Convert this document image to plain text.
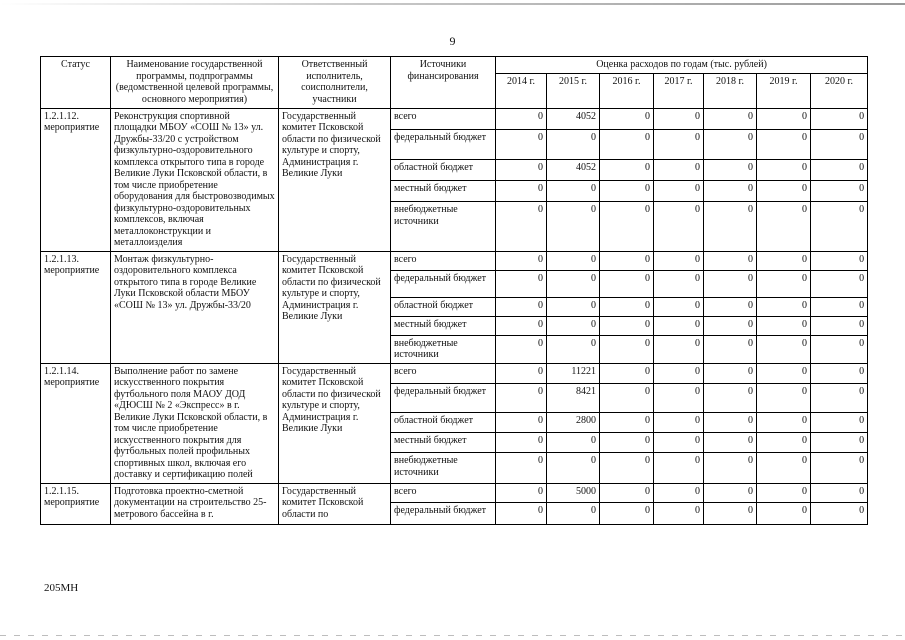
9
Статус	Наименование государственной программы, подпрограммы (ведомственной целевой программы, основного мероприятия)	Ответственный исполнитель, соисполнители, участники	Источники финансирования	Оценка расходов по годам (тыс. рублей)						
				2014 г.	2015 г.	2016 г.	2017 г.	2018 г.	2019 г.	2020 г.

1.2.1.12.
мероприятие	Реконструкция спортивной площадки МБОУ «СОШ № 13» ул. Дружбы-33/20 с устройством физкультурно-оздоровительного комплекса открытого типа в городе Великие Луки Псковской области, в том числе приобретение оборудования для быстровозводимых физкультурно-оздоровительных комплексов, включая металлоконструкции и металлоизделия	Государственный комитет Псковской области по физической культуре и спорту, Администрация г. Великие Луки	всего	0	4052	0	0	0	0	0
			федеральный бюджет	0	0	0	0	0	0	0
			областной бюджет	0	4052	0	0	0	0	0
			местный бюджет	0	0	0	0	0	0	0
			внебюджетные источники	0	0	0	0	0	0	0

1.2.1.13.
мероприятие	Монтаж физкультурно-оздоровительного комплекса открытого типа в городе Великие Луки Псковской области МБОУ «СОШ № 13» ул. Дружбы-33/20	Государственный комитет Псковской области по физической культуре и спорту, Администрация г. Великие Луки	всего	0	0	0	0	0	0	0
			федеральный бюджет	0	0	0	0	0	0	0
			областной бюджет	0	0	0	0	0	0	0
			местный бюджет	0	0	0	0	0	0	0
			внебюджетные источники	0	0	0	0	0	0	0

1.2.1.14.
мероприятие	Выполнение работ по замене искусственного покрытия футбольного поля МАОУ ДОД «ДЮСШ № 2 «Экспресс» в г. Великие Луки Псковской области, в том числе приобретение искусственного покрытия для футбольных полей профильных спортивных школ, включая его доставку и сертификацию полей	Государственный комитет Псковской области по физической культуре и спорту, Администрация г. Великие Луки	всего	0	11221	0	0	0	0	0
			федеральный бюджет	0	8421	0	0	0	0	0
			областной бюджет	0	2800	0	0	0	0	0
			местный бюджет	0	0	0	0	0	0	0
			внебюджетные источники	0	0	0	0	0	0	0

1.2.1.15.
мероприятие	Подготовка проектно-сметной документации на строительство 25-метрового бассейна в г.	Государственный комитет Псковской области по	всего	0	5000	0	0	0	0	0
			федеральный бюджет	0	0	0	0	0	0	0
205МН
